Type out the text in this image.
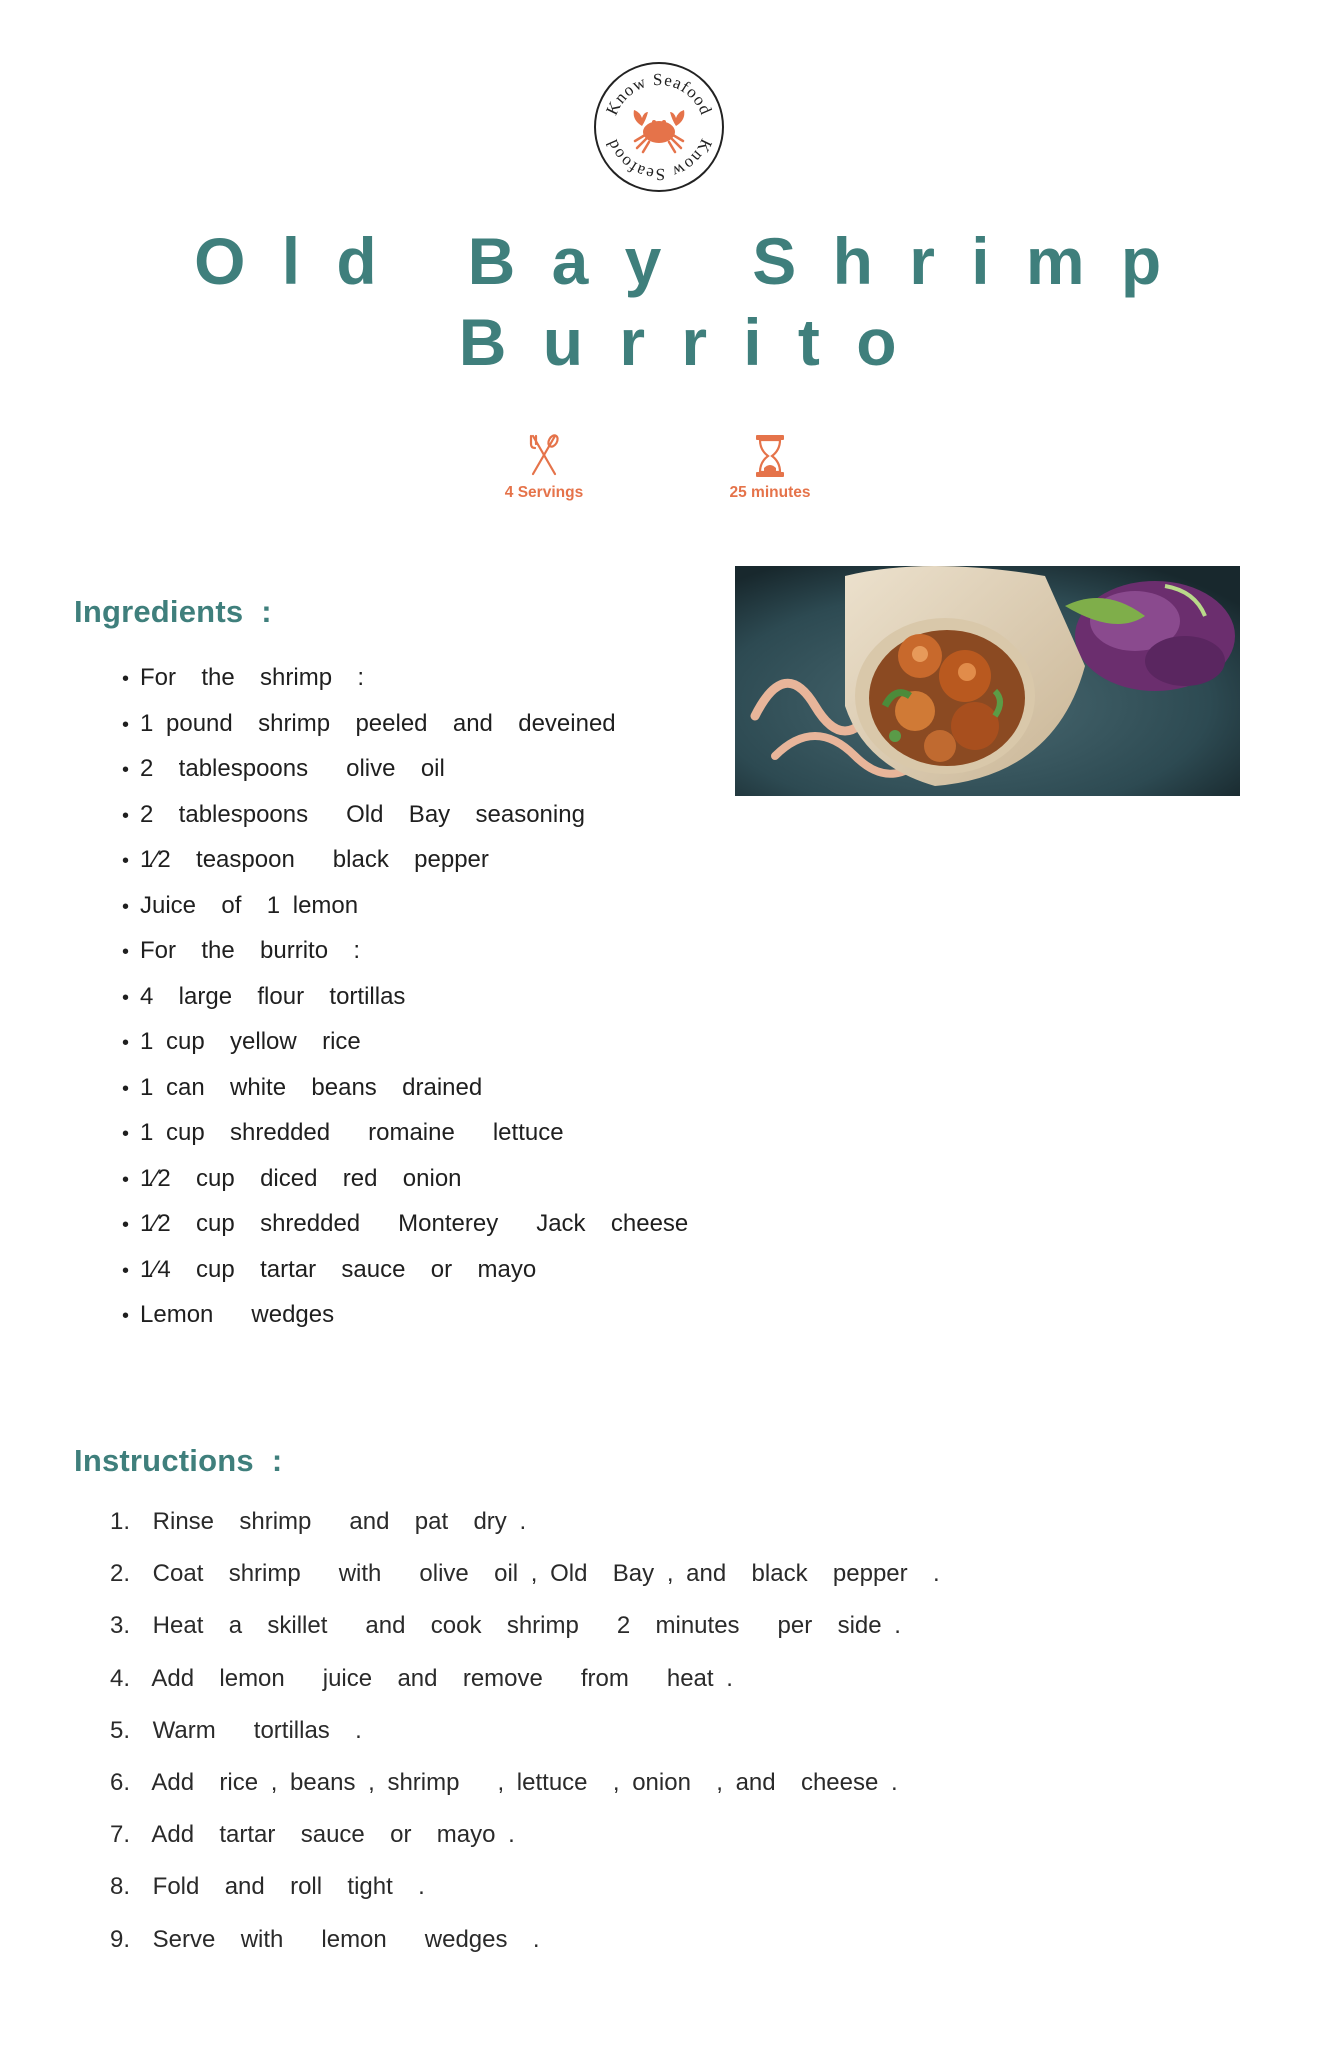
Know Seafood
Know Seafood
Old Bay Shrimp
Burrito
4 Servings	25 minutes
Ingredients :
• For  the  shrimp  :
• 1 pound  shrimp  peeled  and  deveined
• 2  tablespoons   olive  oil
• 2  tablespoons   Old  Bay  seasoning
• 1⁄2  teaspoon   black  pepper
• Juice  of  1 lemon
• For  the  burrito  :
• 4  large  flour  tortillas
• 1 cup  yellow  rice
• 1 can  white  beans  drained
• 1 cup  shredded   romaine   lettuce
• 1⁄2  cup  diced  red  onion
• 1⁄2  cup  shredded   Monterey   Jack  cheese
• 1⁄4  cup  tartar  sauce  or  mayo
• Lemon   wedges
Instructions :
1. Rinse  shrimp   and  pat  dry .
2. Coat  shrimp   with   olive  oil , Old  Bay , and  black  pepper  .
3. Heat  a  skillet   and  cook  shrimp   2  minutes   per  side .
4. Add  lemon   juice  and  remove   from   heat .
5. Warm   tortillas  .
6. Add  rice , beans , shrimp   , lettuce  , onion  , and  cheese .
7. Add  tartar  sauce  or  mayo .
8. Fold  and  roll  tight  .
9. Serve  with   lemon   wedges  .
